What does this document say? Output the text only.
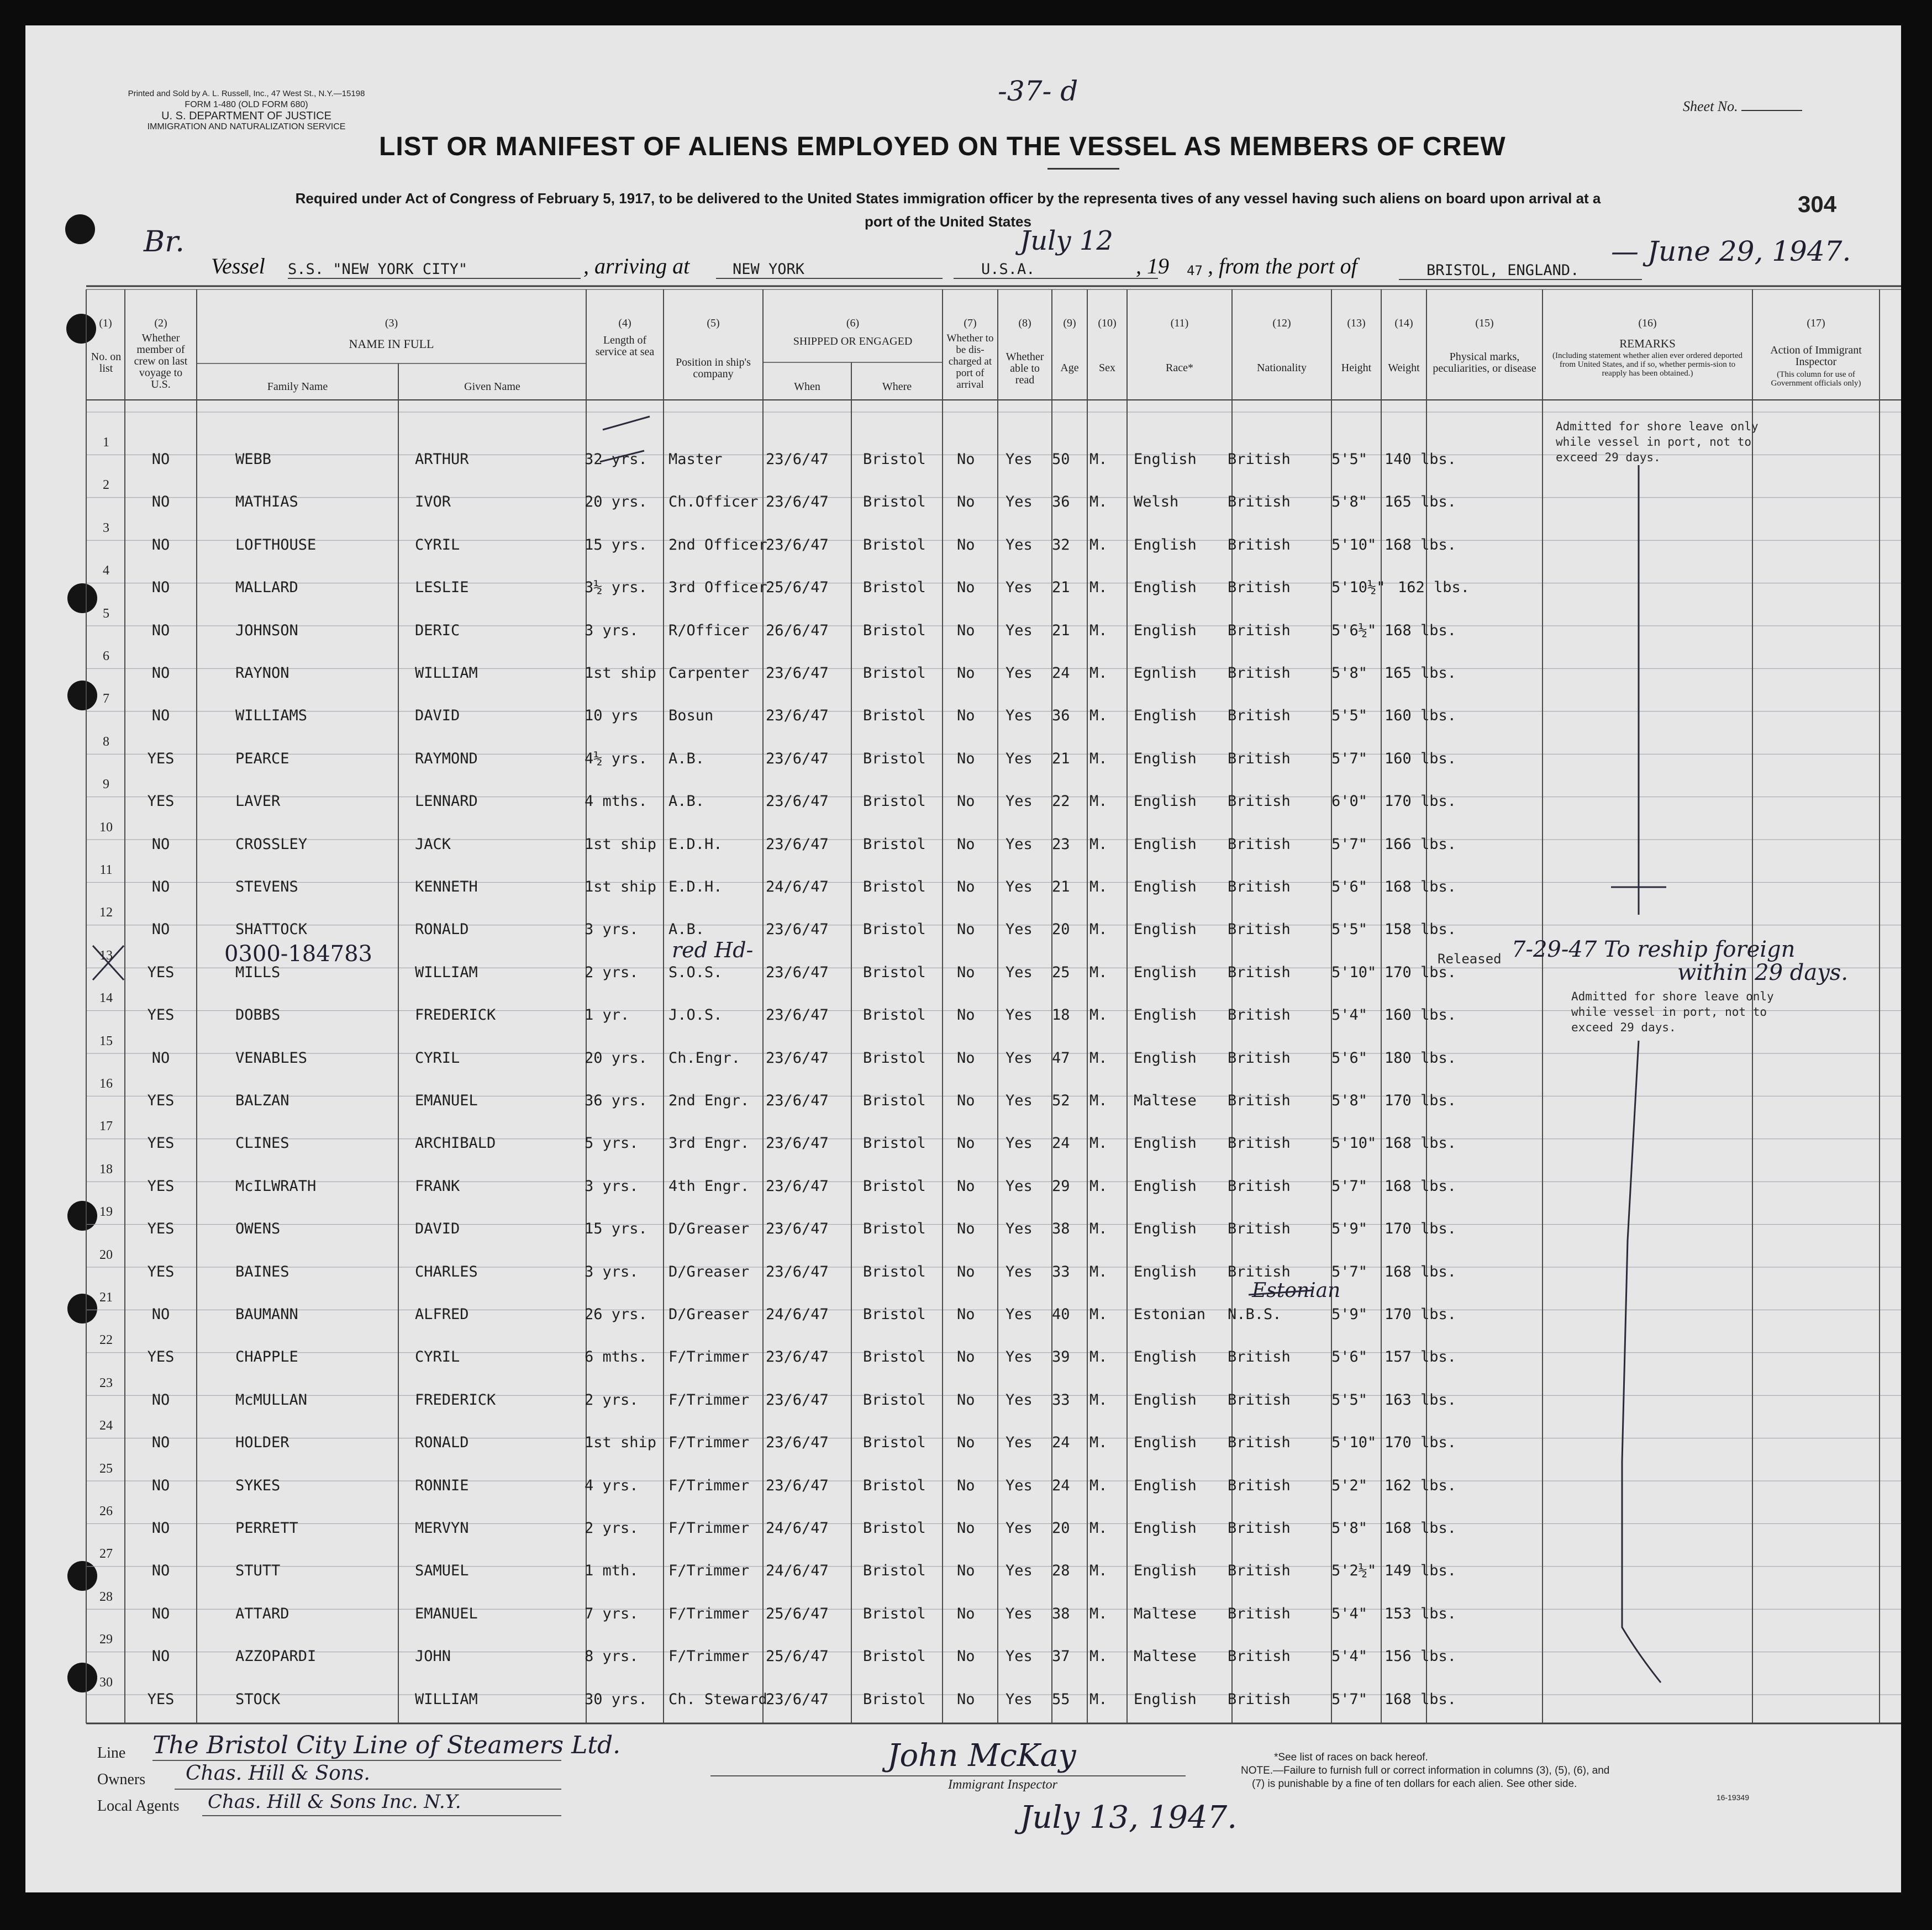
Printed and Sold by A. L. Russell, Inc., 47 West St., N.Y.—15198
FORM 1-480 (OLD FORM 680)
U. S. DEPARTMENT OF JUSTICE
IMMIGRATION AND NATURALIZATION SERVICE
-37- d	Sheet No.
304
LIST OR MANIFEST OF ALIENS EMPLOYED ON THE VESSEL AS MEMBERS OF CREW
Required under Act of Congress of February 5, 1917, to be delivered to the United States immigration officer by the representa tives of any vessel having such aliens on board upon arrival at a
port of the United States
Br.
Vessel S.S. "NEW YORK CITY"	, arriving at	NEW YORK	U.S.A.
July 12
, 19 47 , from the port of	BRISTOL, ENGLAND.
— June 29, 1947.
(1)
No. on list
(2)
Whether member of crew on last voyage to U.S.
(3)
NAME IN FULL
Family Name	Given Name
(4)
Length of service at sea
(5)
Position in ship's company
(6)
SHIPPED OR ENGAGED
When	Where
(7)
Whether to be dis-charged at port of arrival
(8)
Whether able to read
(9)
Age
(10)
Sex
(11)
Race*
(12)
Nationality
(13)
Height
(14)
Weight
(15)
Physical marks, peculiarities, or disease
(16)
REMARKS
(Including statement whether alien ever ordered deported from United States, and if so, whether permis-sion to reapply has been obtained.)
(17)
Action of Immigrant Inspector
(This column for use of Government officials only)
1
NO	WEBB	ARTHUR	32 yrs. Master	23/6/47 Bristol No Yes 50 M. English British	5'5" 140 lbs.
2
NO	MATHIAS	IVOR	20 yrs. Ch.Officer 23/6/47 Bristol No Yes 36 M. Welsh	British	5'8" 165 lbs.
3
NO	LOFTHOUSE	CYRIL	15 yrs. 2nd Officer
23/6/47 Bristol No Yes 32 M. English British	5'10" 168 lbs.
4
NO	MALLARD	LESLIE	3½ yrs. 3rd Officer
25/6/47 Bristol No Yes 21 M. English British	5'10½" 162 lbs.
5
NO	JOHNSON	DERIC	3 yrs. R/Officer 26/6/47 Bristol No Yes 21 M. English British	5'6½" 168 lbs.
6
NO	RAYNON	WILLIAM	1st ship Carpenter 23/6/47 Bristol No Yes 24 M. Egnlish British	5'8" 165 lbs.
7
NO	WILLIAMS	DAVID	10 yrs Bosun	23/6/47 Bristol No Yes 36 M. English British	5'5" 160 lbs.
8
YES	PEARCE	RAYMOND	4½ yrs. A.B.	23/6/47 Bristol No Yes 21 M. English British	5'7" 160 lbs.
9
YES	LAVER	LENNARD	4 mths. A.B.	23/6/47 Bristol No Yes 22 M. English British	6'0" 170 lbs.
10
NO	CROSSLEY	JACK	1st ship E.D.H.	23/6/47 Bristol No Yes 23 M. English British	5'7" 166 lbs.
11
NO	STEVENS	KENNETH	1st ship E.D.H.	24/6/47 Bristol No Yes 21 M. English British	5'6" 168 lbs.
12
NO	SHATTOCK	RONALD	3 yrs. A.B.	23/6/47 Bristol No Yes 20 M. English British	5'5" 158 lbs.
13
YES	MILLS	WILLIAM	2 yrs. S.O.S.	23/6/47 Bristol No Yes 25 M. English British	5'10" 170 lbs.
14
YES	DOBBS	FREDERICK	1 yr.	J.O.S.	23/6/47 Bristol No Yes 18 M. English British	5'4" 160 lbs.
15
NO	VENABLES	CYRIL	20 yrs. Ch.Engr. 23/6/47 Bristol No Yes 47 M. English British	5'6" 180 lbs.
16
YES	BALZAN	EMANUEL	36 yrs. 2nd Engr. 23/6/47 Bristol No Yes 52 M. Maltese British	5'8" 170 lbs.
17
YES	CLINES	ARCHIBALD	5 yrs. 3rd Engr. 23/6/47 Bristol No Yes 24 M. English British	5'10" 168 lbs.
18
YES	McILWRATH	FRANK	3 yrs. 4th Engr. 23/6/47 Bristol No Yes 29 M. English British	5'7" 168 lbs.
19
YES	OWENS	DAVID	15 yrs. D/Greaser 23/6/47 Bristol No Yes 38 M. English British	5'9" 170 lbs.
20
YES	BAINES	CHARLES	3 yrs. D/Greaser 23/6/47 Bristol No Yes 33 M. English British	5'7" 168 lbs.
21
NO	BAUMANN	ALFRED	26 yrs. D/Greaser 24/6/47 Bristol No Yes 40 M. Estonian N.B.S.	5'9" 170 lbs.
22
YES	CHAPPLE	CYRIL	6 mths. F/Trimmer 23/6/47 Bristol No Yes 39 M. English British	5'6" 157 lbs.
23
NO	McMULLAN	FREDERICK	2 yrs. F/Trimmer 23/6/47 Bristol No Yes 33 M. English British	5'5" 163 lbs.
24
NO	HOLDER	RONALD	1st ship F/Trimmer 23/6/47 Bristol No Yes 24 M. English British	5'10" 170 lbs.
25
NO	SYKES	RONNIE	4 yrs. F/Trimmer 23/6/47 Bristol No Yes 24 M. English British	5'2" 162 lbs.
26
NO	PERRETT	MERVYN	2 yrs. F/Trimmer 24/6/47 Bristol No Yes 20 M. English British	5'8" 168 lbs.
27
NO	STUTT	SAMUEL	1 mth. F/Trimmer 24/6/47 Bristol No Yes 28 M. English British	5'2½" 149 lbs.
28
NO	ATTARD	EMANUEL	7 yrs. F/Trimmer 25/6/47 Bristol No Yes 38 M. Maltese British	5'4" 153 lbs.
29
NO	AZZOPARDI	JOHN	8 yrs. F/Trimmer 25/6/47 Bristol No Yes 37 M. Maltese British	5'4" 156 lbs.
30
YES	STOCK	WILLIAM	30 yrs. Ch. Steward
23/6/47 Bristol No Yes 55 M. English British	5'7" 168 lbs.
Admitted for shore leave only
while vessel in port, not to
exceed 29 days.
Admitted for shore leave only
while vessel in port, not to
exceed 29 days.
Released 7-29-47 To reship foreign
within 29 days.
0300-184783	red Hd-
Estonian
Line The Bristol City Line of Steamers Ltd.
Owners Chas. Hill & Sons.
Local Agents Chas. Hill & Sons Inc. N.Y.
John McKay
Immigrant Inspector
July 13, 1947.
*See list of races on back hereof.
NOTE.—Failure to furnish full or correct information in columns (3), (5), (6), and
(7) is punishable by a fine of ten dollars for each alien. See other side.
16-19349
